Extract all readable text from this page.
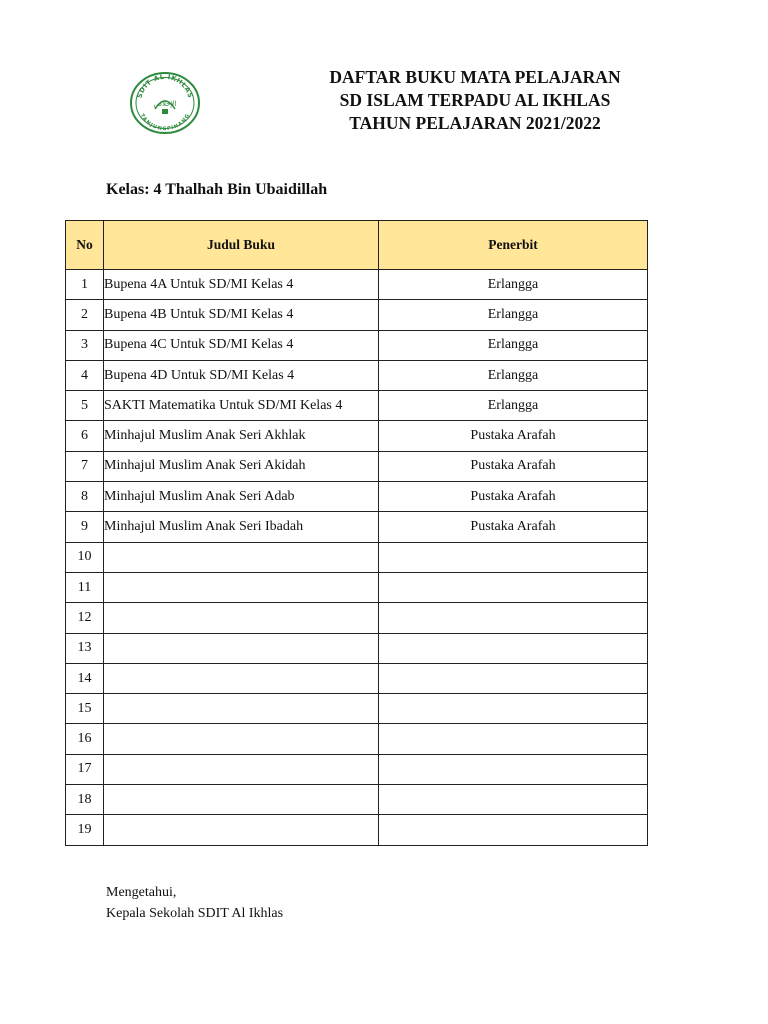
SDIT AL IKHLAS
TANJUNGPINANG
الإخلاص
DAFTAR BUKU MATA PELAJARAN
SD ISLAM TERPADU AL IKHLAS
TAHUN PELAJARAN 2021/2022
Kelas: 4 Thalhah Bin Ubaidillah
No	Judul Buku	Penerbit
1	Bupena 4A Untuk SD/MI Kelas 4	Erlangga
2	Bupena 4B Untuk SD/MI Kelas 4	Erlangga
3	Bupena 4C Untuk SD/MI Kelas 4	Erlangga
4	Bupena 4D Untuk SD/MI Kelas 4	Erlangga
5	SAKTI Matematika Untuk SD/MI Kelas 4	Erlangga
6	Minhajul Muslim Anak Seri Akhlak	Pustaka Arafah
7	Minhajul Muslim Anak Seri Akidah	Pustaka Arafah
8	Minhajul Muslim Anak Seri Adab	Pustaka Arafah
9	Minhajul Muslim Anak Seri Ibadah	Pustaka Arafah
10		
11		
12		
13		
14		
15		
16		
17		
18		
19		
Mengetahui,
Kepala Sekolah SDIT Al Ikhlas
